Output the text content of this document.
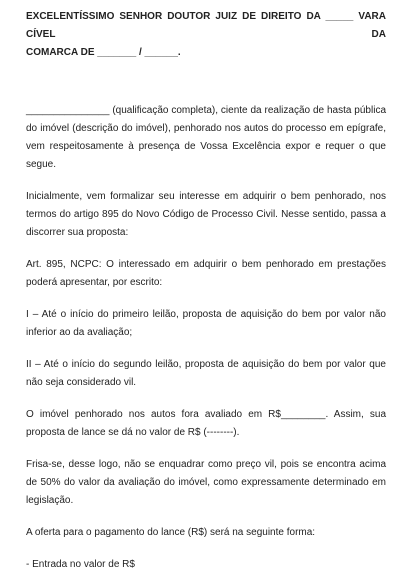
EXCELENTÍSSIMO SENHOR DOUTOR JUIZ DE DIREITO DA _____ VARA CÍVEL DA
COMARCA DE _______ / ______.

_______________ (qualificação completa), ciente da realização de hasta pública do imóvel (descrição do imóvel), penhorado nos autos do processo em epígrafe, vem respeitosamente à presença de Vossa Excelência expor e requer o que segue.

Inicialmente, vem formalizar seu interesse em adquirir o bem penhorado, nos termos do artigo 895 do Novo Código de Processo Civil. Nesse sentido, passa a discorrer sua proposta:

Art. 895, NCPC: O interessado em adquirir o bem penhorado em prestações poderá apresentar, por escrito:

I – Até o início do primeiro leilão, proposta de aquisição do bem por valor não inferior ao da avaliação;

II – Até o início do segundo leilão, proposta de aquisição do bem por valor que não seja considerado vil.

O imóvel penhorado nos autos fora avaliado em R$________. Assim, sua proposta de lance se dá no valor de R$ (--------).

Frisa-se, desse logo, não se enquadrar como preço vil, pois se encontra acima de 50% do valor da avaliação do imóvel, como expressamente determinado em legislação.

A oferta para o pagamento do lance (R$) será na seguinte forma:

- Entrada no valor de R$
